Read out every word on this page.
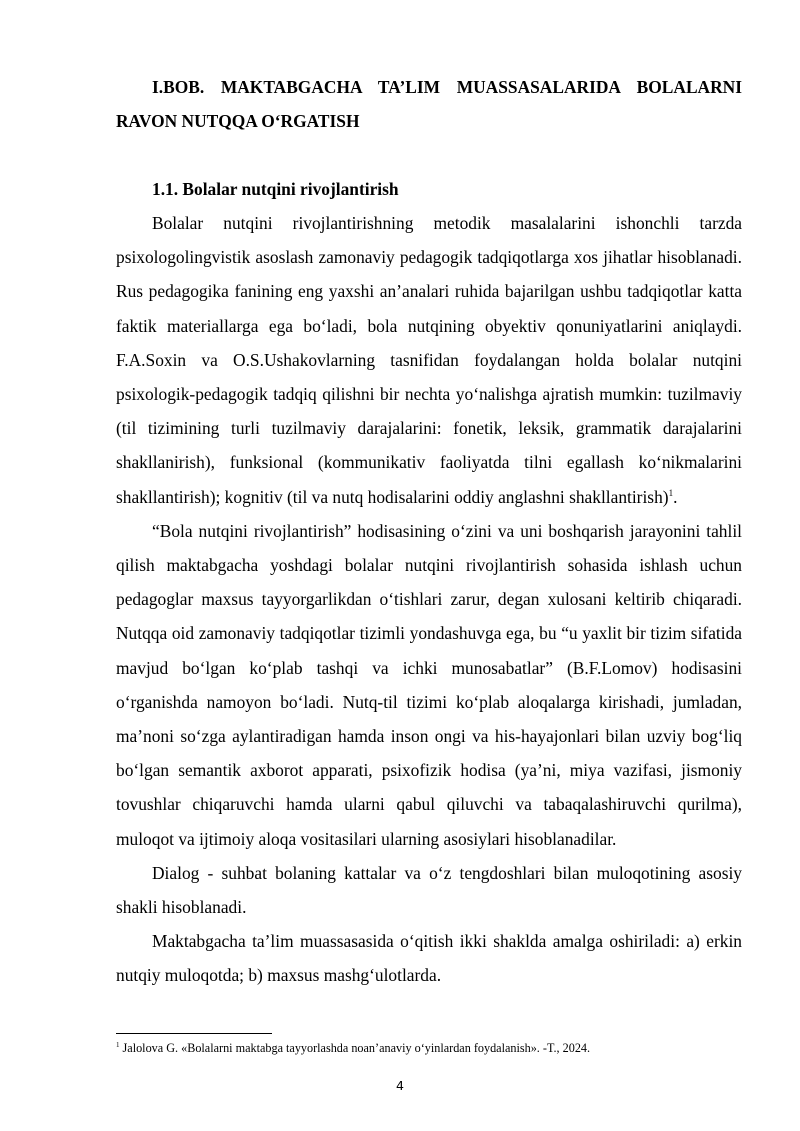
I.BOB. MAKTABGACHA TA’LIM MUASSASALARIDA BOLALARNI RAVON NUTQQA O‘RGATISH

1.1. Bolalar nutqini rivojlantirish

Bolalar nutqini rivojlantirishning metodik masalalarini ishonchli tarzda psixologolingvistik asoslash zamonaviy pedagogik tadqiqotlarga xos jihatlar hisoblanadi. Rus pedagogika fanining eng yaxshi an’analari ruhida bajarilgan ushbu tadqiqotlar katta faktik materiallarga ega bo‘ladi, bola nutqining obyektiv qonuniyatlarini aniqlaydi. F.A.Soxin va O.S.Ushakovlarning tasnifidan foydalangan holda bolalar nutqini psixologik-pedagogik tadqiq qilishni bir nechta yo‘nalishga ajratish mumkin: tuzilmaviy (til tizimining turli tuzilmaviy darajalarini: fonetik, leksik, grammatik darajalarini shakllanirish), funksional (kommunikativ faoliyatda tilni egallash ko‘nikmalarini shakllantirish); kognitiv (til va nutq hodisalarini oddiy anglashni shakllantirish)$^1$.

“Bola nutqini rivojlantirish” hodisasining o‘zini va uni boshqarish jarayonini tahlil qilish maktabgacha yoshdagi bolalar nutqini rivojlantirish sohasida ishlash uchun pedagoglar maxsus tayyorgarlikdan o‘tishlari zarur, degan xulosani keltirib chiqaradi. Nutqqa oid zamonaviy tadqiqotlar tizimli yondashuvga ega, bu “u yaxlit bir tizim sifatida mavjud bo‘lgan ko‘plab tashqi va ichki munosabatlar” (B.F.Lomov) hodisasini o‘rganishda namoyon bo‘ladi. Nutq-til tizimi ko‘plab aloqalarga kirishadi, jumladan, ma’noni so‘zga aylantiradigan hamda inson ongi va his-hayajonlari bilan uzviy bog‘liq bo‘lgan semantik axborot apparati, psixofizik hodisa (ya’ni, miya vazifasi, jismoniy tovushlar chiqaruvchi hamda ularni qabul qiluvchi va tabaqalashiruvchi qurilma), muloqot va ijtimoiy aloqa vositasilari ularning asosiylari hisoblanadilar.

Dialog - suhbat bolaning kattalar va o‘z tengdoshlari bilan muloqotining asosiy shakli hisoblanadi.

Maktabgacha ta’lim muassasasida o‘qitish ikki shaklda amalga oshiriladi: a) erkin nutqiy muloqotda; b) maxsus mashg‘ulotlarda.

$^1$ Jalolova G. «Bolalarni maktabga tayyorlashda noan’anaviy o‘yinlardan foydalanish». -T., 2024.
4
